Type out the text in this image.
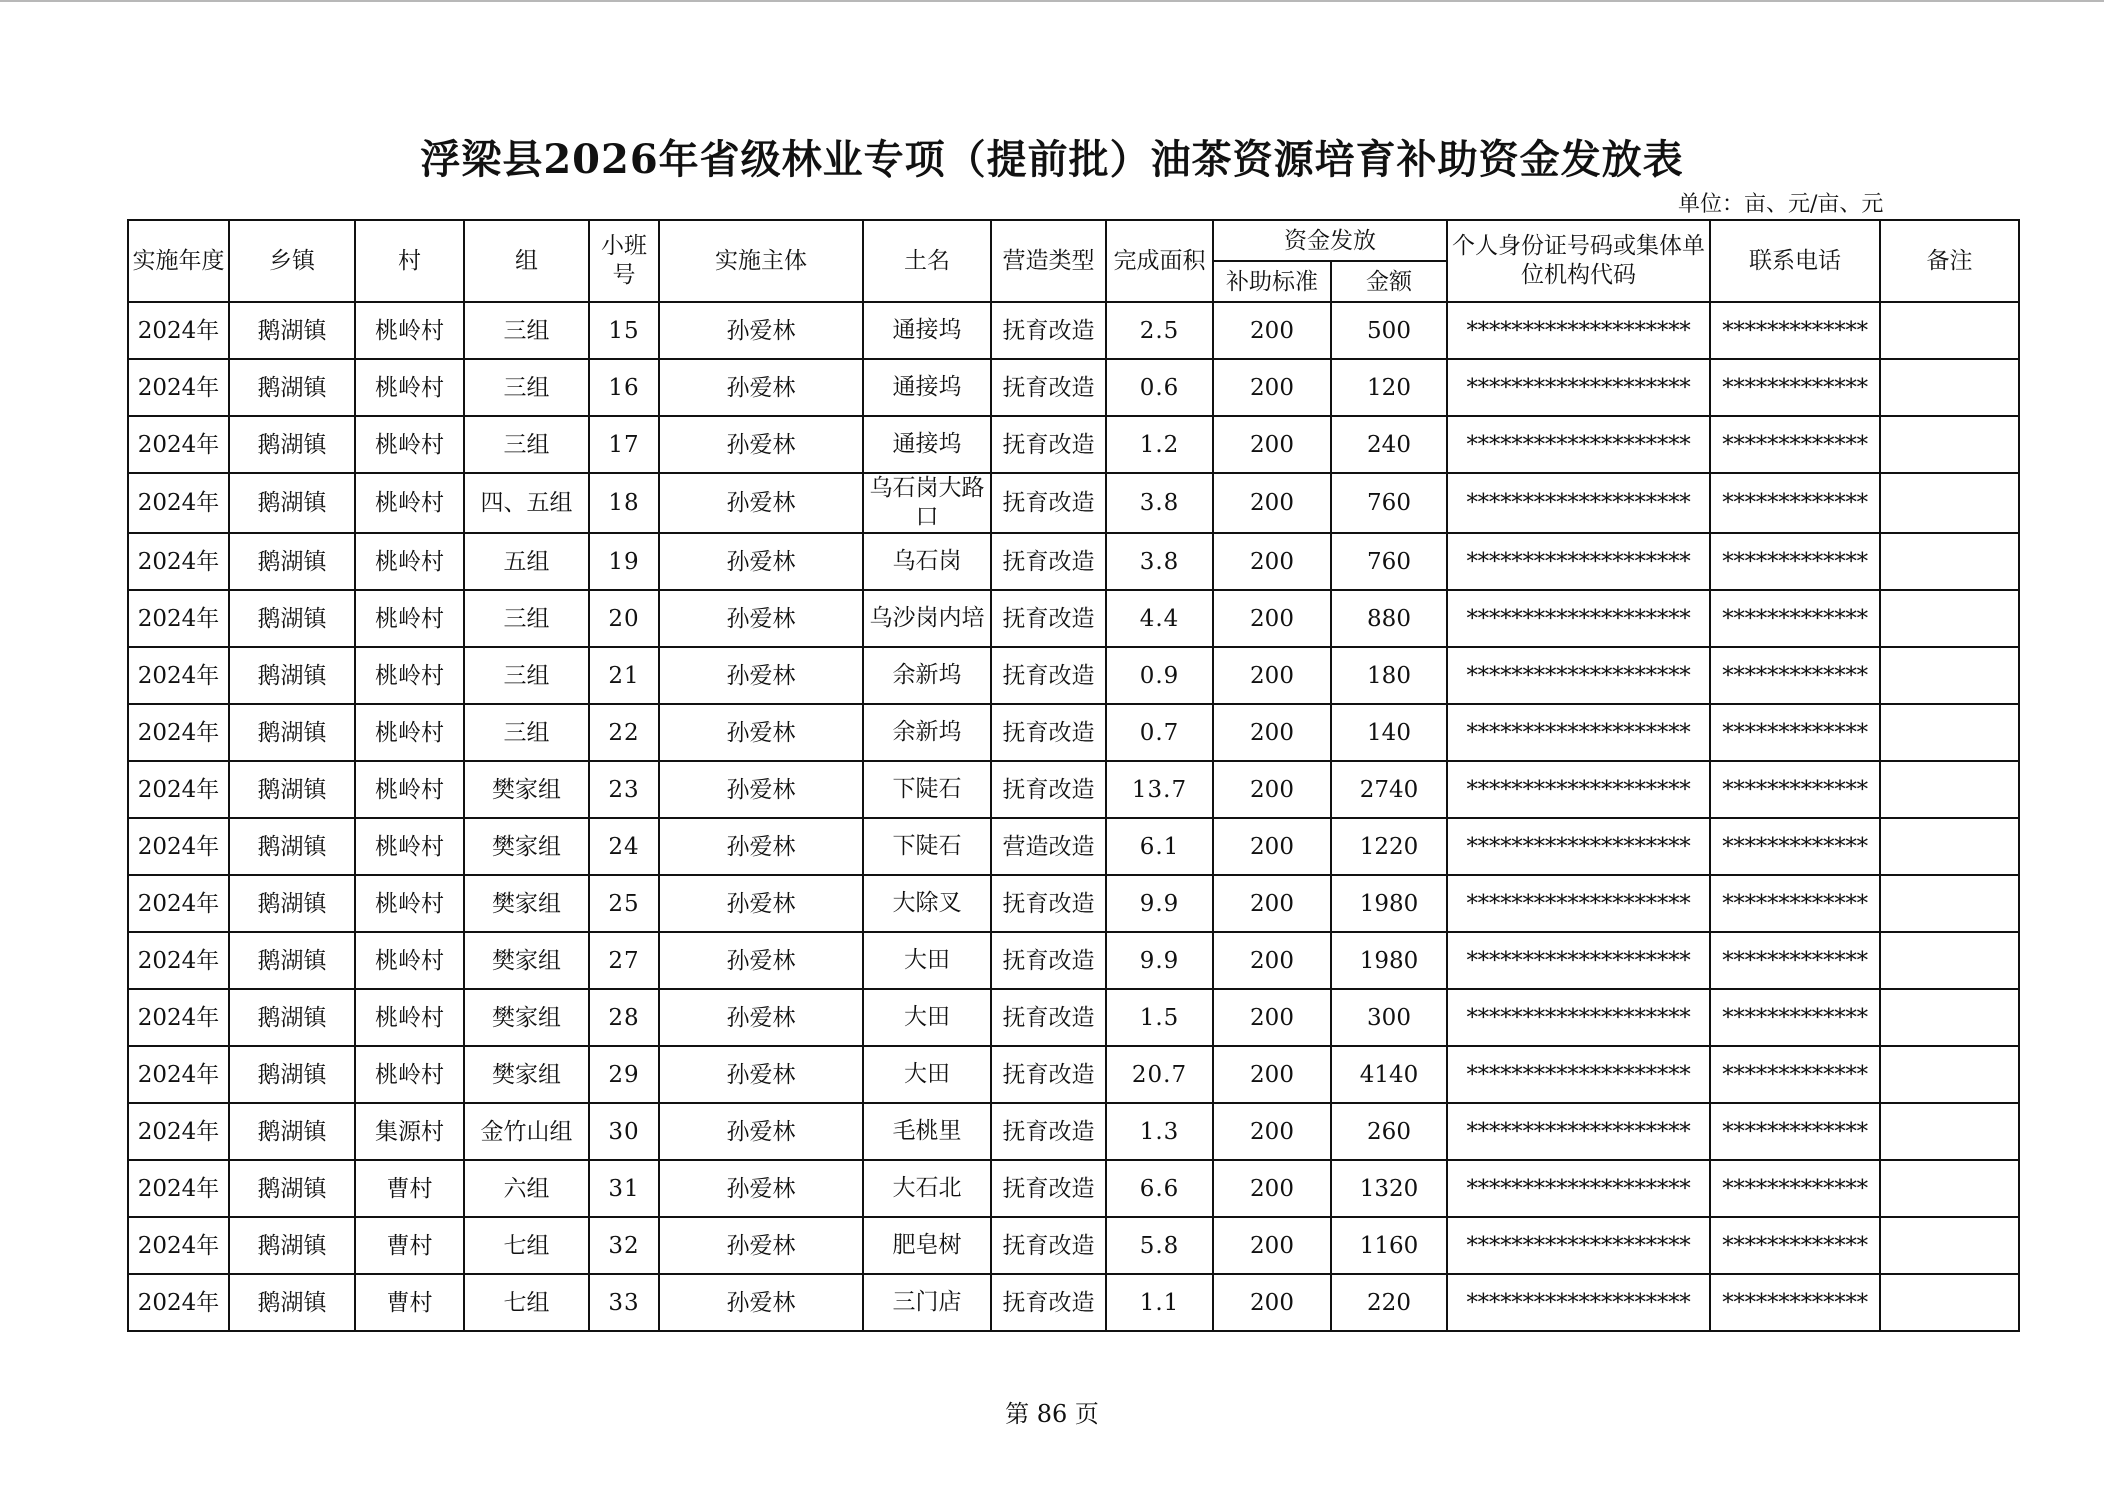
浮梁县2026年省级林业专项（提前批）油茶资源培育补助资金发放表
单位：亩、元/亩、元
实施年度	乡镇	村	组	小班号	实施主体	土名	营造类型	完成面积	资金发放		个人身份证号码或集体单位机构代码	联系电话	备注
									补助标准	金额			
2024年	鹅湖镇	桃岭村	三组	15	孙爱林	通接坞	抚育改造	2.5	200	500	********************	*************	
2024年	鹅湖镇	桃岭村	三组	16	孙爱林	通接坞	抚育改造	0.6	200	120	********************	*************	
2024年	鹅湖镇	桃岭村	三组	17	孙爱林	通接坞	抚育改造	1.2	200	240	********************	*************	
2024年	鹅湖镇	桃岭村	四、五组	18	孙爱林	乌石岗大路口	抚育改造	3.8	200	760	********************	*************	
2024年	鹅湖镇	桃岭村	五组	19	孙爱林	乌石岗	抚育改造	3.8	200	760	********************	*************	
2024年	鹅湖镇	桃岭村	三组	20	孙爱林	乌沙岗内培	抚育改造	4.4	200	880	********************	*************	
2024年	鹅湖镇	桃岭村	三组	21	孙爱林	余新坞	抚育改造	0.9	200	180	********************	*************	
2024年	鹅湖镇	桃岭村	三组	22	孙爱林	余新坞	抚育改造	0.7	200	140	********************	*************	
2024年	鹅湖镇	桃岭村	樊家组	23	孙爱林	下陡石	抚育改造	13.7	200	2740	********************	*************	
2024年	鹅湖镇	桃岭村	樊家组	24	孙爱林	下陡石	营造改造	6.1	200	1220	********************	*************	
2024年	鹅湖镇	桃岭村	樊家组	25	孙爱林	大除叉	抚育改造	9.9	200	1980	********************	*************	
2024年	鹅湖镇	桃岭村	樊家组	27	孙爱林	大田	抚育改造	9.9	200	1980	********************	*************	
2024年	鹅湖镇	桃岭村	樊家组	28	孙爱林	大田	抚育改造	1.5	200	300	********************	*************	
2024年	鹅湖镇	桃岭村	樊家组	29	孙爱林	大田	抚育改造	20.7	200	4140	********************	*************	
2024年	鹅湖镇	集源村	金竹山组	30	孙爱林	毛桃里	抚育改造	1.3	200	260	********************	*************	
2024年	鹅湖镇	曹村	六组	31	孙爱林	大石北	抚育改造	6.6	200	1320	********************	*************	
2024年	鹅湖镇	曹村	七组	32	孙爱林	肥皂树	抚育改造	5.8	200	1160	********************	*************	
2024年	鹅湖镇	曹村	七组	33	孙爱林	三门店	抚育改造	1.1	200	220	********************	*************	
第 86 页
